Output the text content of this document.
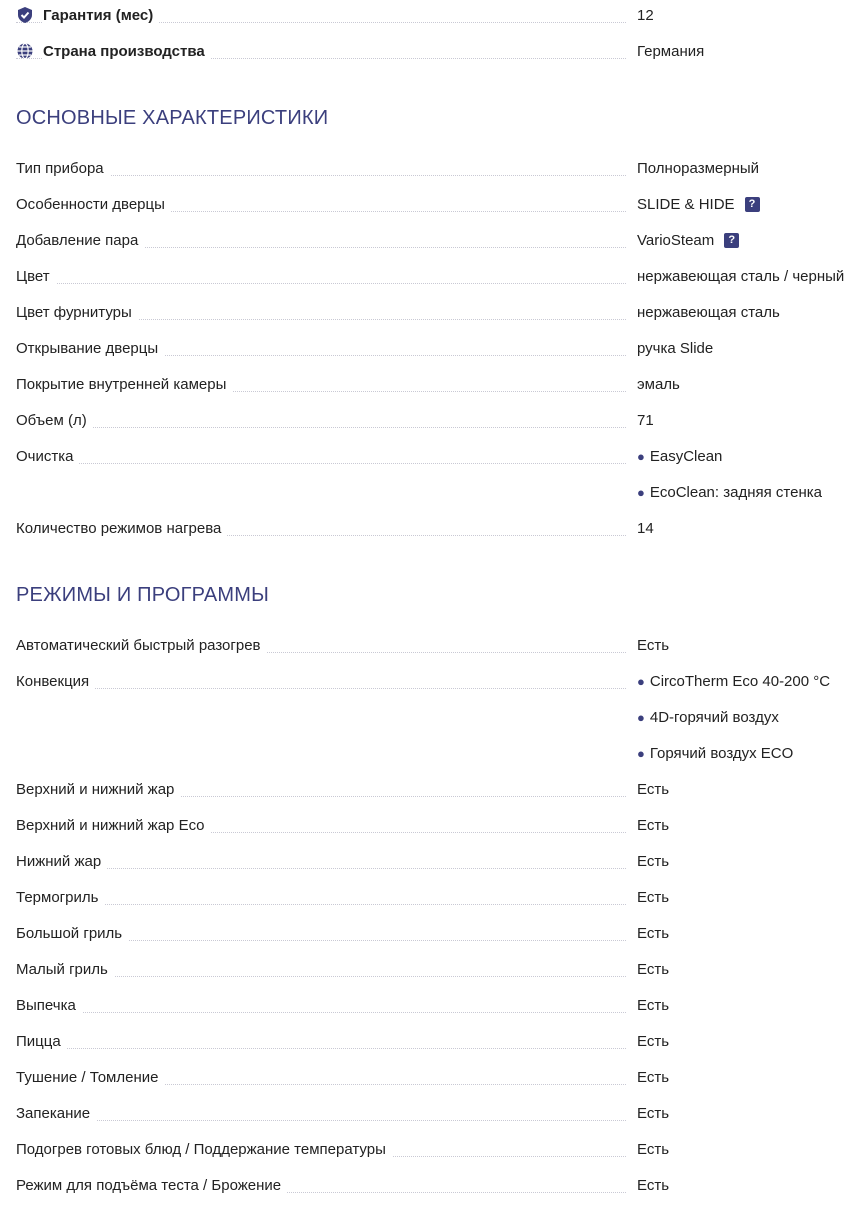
Гарантия (мес)	12
Страна производства	Германия
ОСНОВНЫЕ ХАРАКТЕРИСТИКИ
Тип прибора	Полноразмерный
Особенности дверцы	SLIDE & HIDE	?
Добавление пара	VarioSteam	?
Цвет	нержавеющая сталь / черный
Цвет фурнитуры	нержавеющая сталь
Открывание дверцы	ручка Slide
Покрытие внутренней камеры	эмаль
Объем (л)	71
Очистка	● EasyClean
● EcoClean: задняя стенка
Количество режимов нагрева	14
РЕЖИМЫ И ПРОГРАММЫ
Автоматический быстрый разогрев	Есть
Конвекция	● CircoTherm Eco 40-200 °C
● 4D-горячий воздух
● Горячий воздух ECO
Верхний и нижний жар	Есть
Верхний и нижний жар Eco	Есть
Нижний жар	Есть
Термогриль	Есть
Большой гриль	Есть
Малый гриль	Есть
Выпечка	Есть
Пицца	Есть
Тушение / Томление	Есть
Запекание	Есть
Подогрев готовых блюд / Поддержание температуры	Есть
Режим для подъёма теста / Брожение	Есть
